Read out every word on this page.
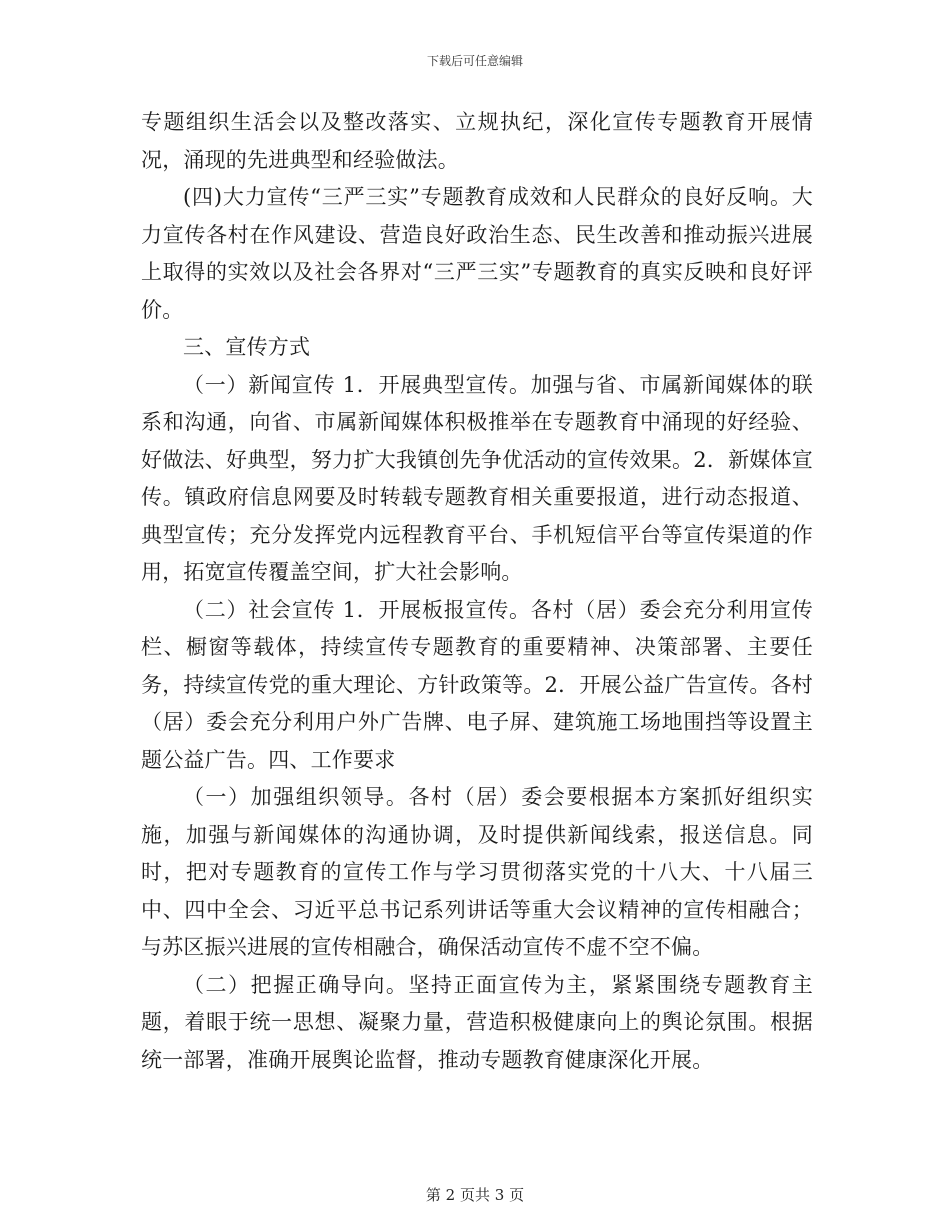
下载后可任意编辑

专题组织生活会以及整改落实、立规执纪，深化宣传专题教育开展情况，涌现的先进典型和经验做法。

(四)大力宣传“三严三实”专题教育成效和人民群众的良好反响。大力宣传各村在作风建设、营造良好政治生态、民生改善和推动振兴进展上取得的实效以及社会各界对“三严三实”专题教育的真实反映和良好评价。

三、宣传方式

（一）新闻宣传 1．开展典型宣传。加强与省、市属新闻媒体的联系和沟通，向省、市属新闻媒体积极推举在专题教育中涌现的好经验、好做法、好典型，努力扩大我镇创先争优活动的宣传效果。2．新媒体宣传。镇政府信息网要及时转载专题教育相关重要报道，进行动态报道、典型宣传；充分发挥党内远程教育平台、手机短信平台等宣传渠道的作用，拓宽宣传覆盖空间，扩大社会影响。

（二）社会宣传 1．开展板报宣传。各村（居）委会充分利用宣传栏、橱窗等载体，持续宣传专题教育的重要精神、决策部署、主要任务，持续宣传党的重大理论、方针政策等。2．开展公益广告宣传。各村（居）委会充分利用户外广告牌、电子屏、建筑施工场地围挡等设置主题公益广告。四、工作要求

（一）加强组织领导。各村（居）委会要根据本方案抓好组织实施，加强与新闻媒体的沟通协调，及时提供新闻线索，报送信息。同时，把对专题教育的宣传工作与学习贯彻落实党的十八大、十八届三中、四中全会、习近平总书记系列讲话等重大会议精神的宣传相融合；与苏区振兴进展的宣传相融合，确保活动宣传不虚不空不偏。

（二）把握正确导向。坚持正面宣传为主，紧紧围绕专题教育主题，着眼于统一思想、凝聚力量，营造积极健康向上的舆论氛围。根据统一部署，准确开展舆论监督，推动专题教育健康深化开展。

第 2 页共 3 页
